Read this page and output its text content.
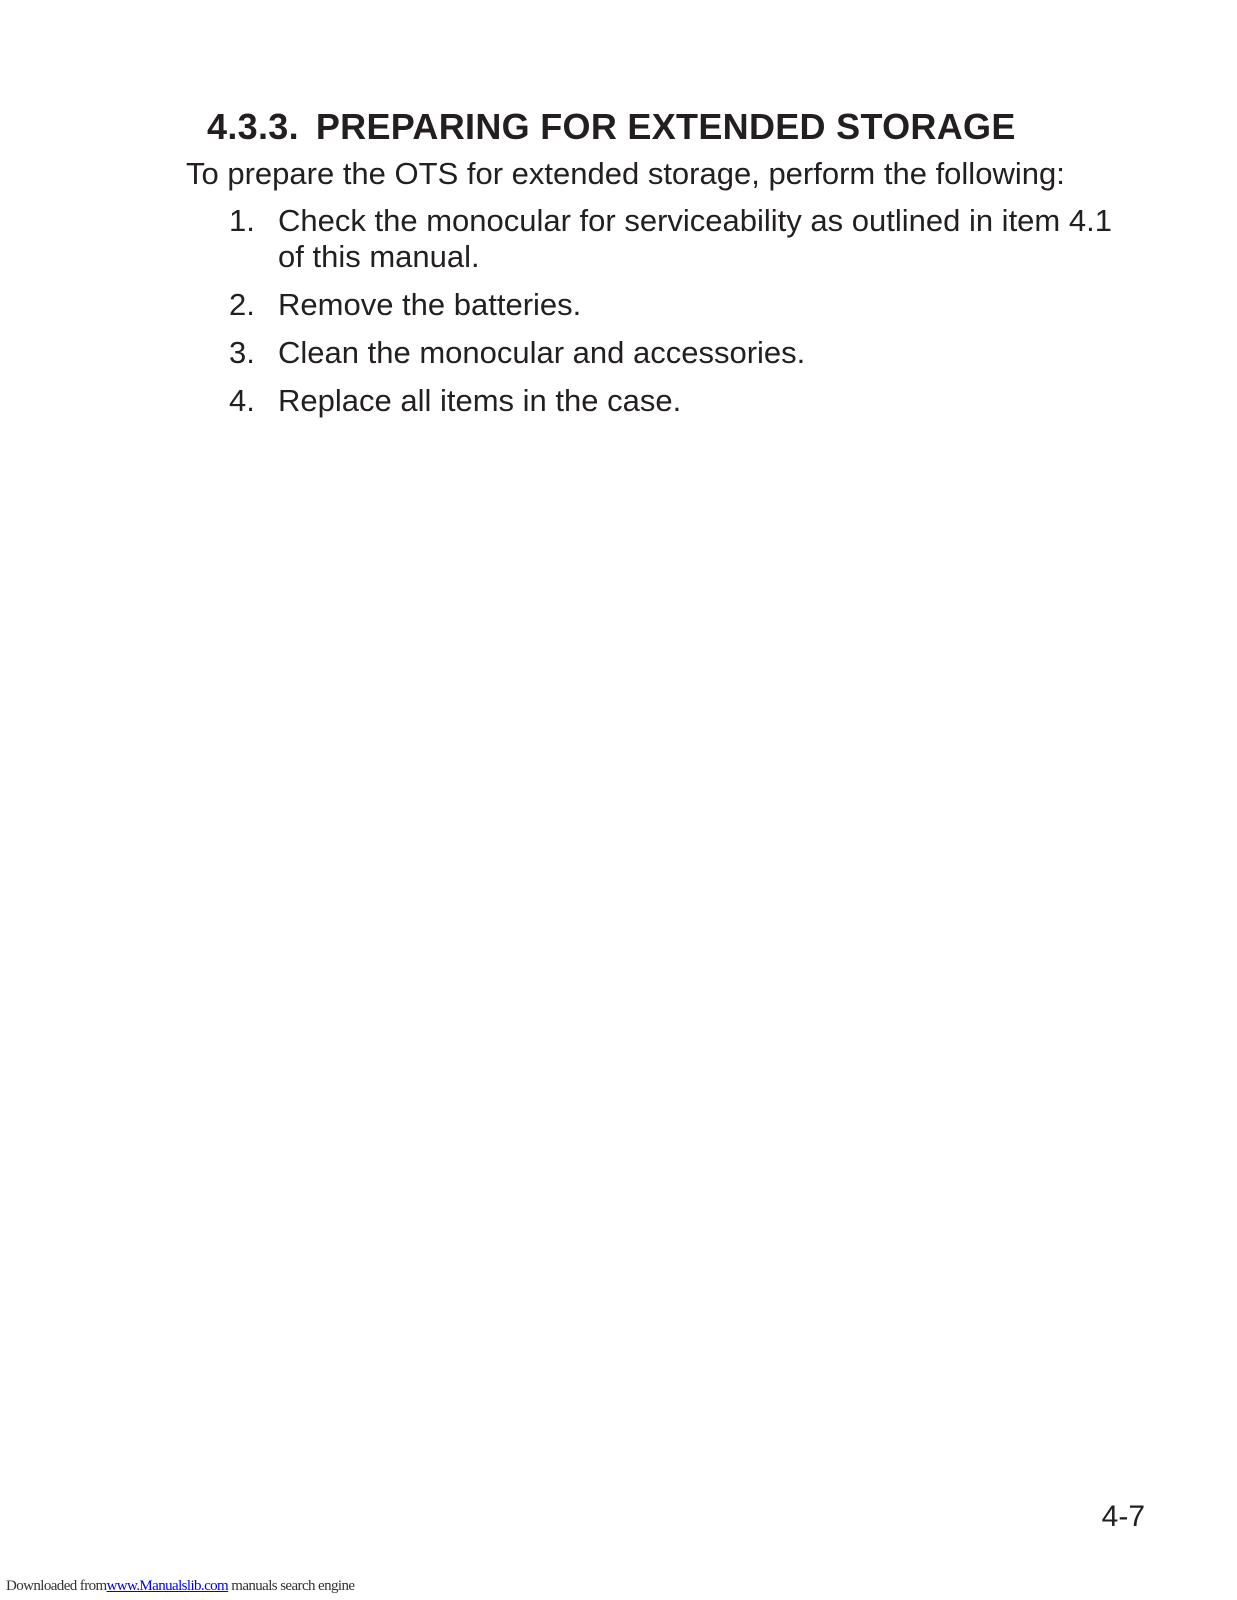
4.3.3. PREPARING FOR EXTENDED STORAGE

To prepare the OTS for extended storage, perform the following:

1. Check the monocular for serviceability as outlined in item 4.1 of this manual.
2. Remove the batteries.
3. Clean the monocular and accessories.
4. Replace all items in the case.

4-7

Downloaded fromwww.Manualslib.com manuals search engine
